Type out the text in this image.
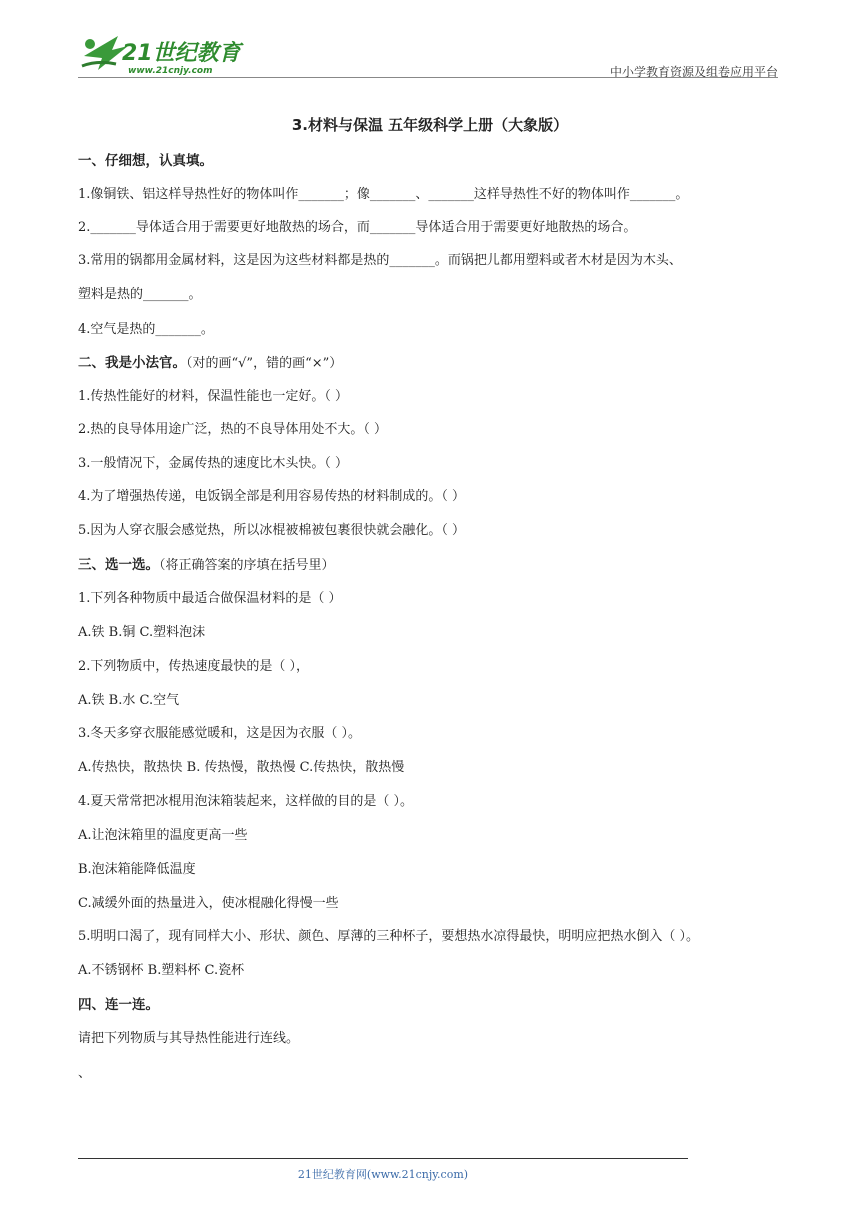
21世纪教育
www.21cnjy.com	中小学教育资源及组卷应用平台
3.材料与保温 五年级科学上册（大象版）
一、仔细想，认真填。
1.像铜铁、铝这样导热性好的物体叫作_______；像_______、_______这样导热性不好的物体叫作_______。
2._______导体适合用于需要更好地散热的场合，而_______导体适合用于需要更好地散热的场合。
3.常用的锅都用金属材料，这是因为这些材料都是热的_______。而锅把儿都用塑料或者木材是因为木头、
塑料是热的_______。
4.空气是热的_______。
二、我是小法官。（对的画“√”，错的画“×”）
1.传热性能好的材料，保温性能也一定好。（ ）
2.热的良导体用途广泛，热的不良导体用处不大。（ ）
3.一般情况下，金属传热的速度比木头快。（ ）
4.为了增强热传递，电饭锅全部是利用容易传热的材料制成的。（ ）
5.因为人穿衣服会感觉热，所以冰棍被棉被包裹很快就会融化。（ ）
三、选一选。（将正确答案的序填在括号里）
1.下列各种物质中最适合做保温材料的是（ ）
A.铁 B.铜 C.塑料泡沫
2.下列物质中，传热速度最快的是（ ），
A.铁 B.水 C.空气
3.冬天多穿衣服能感觉暖和，这是因为衣服（ ）。
A.传热快，散热快 B. 传热慢，散热慢 C.传热快，散热慢
4.夏天常常把冰棍用泡沫箱装起来，这样做的目的是（ ）。
A.让泡沫箱里的温度更高一些
B.泡沫箱能降低温度
C.减缓外面的热量进入，使冰棍融化得慢一些
5.明明口渴了，现有同样大小、形状、颜色、厚薄的三种杯子，要想热水凉得最快，明明应把热水倒入（ ）。
A.不锈钢杯 B.塑料杯 C.瓷杯
四、连一连。
请把下列物质与其导热性能进行连线。
、
21世纪教育网(www.21cnjy.com)
